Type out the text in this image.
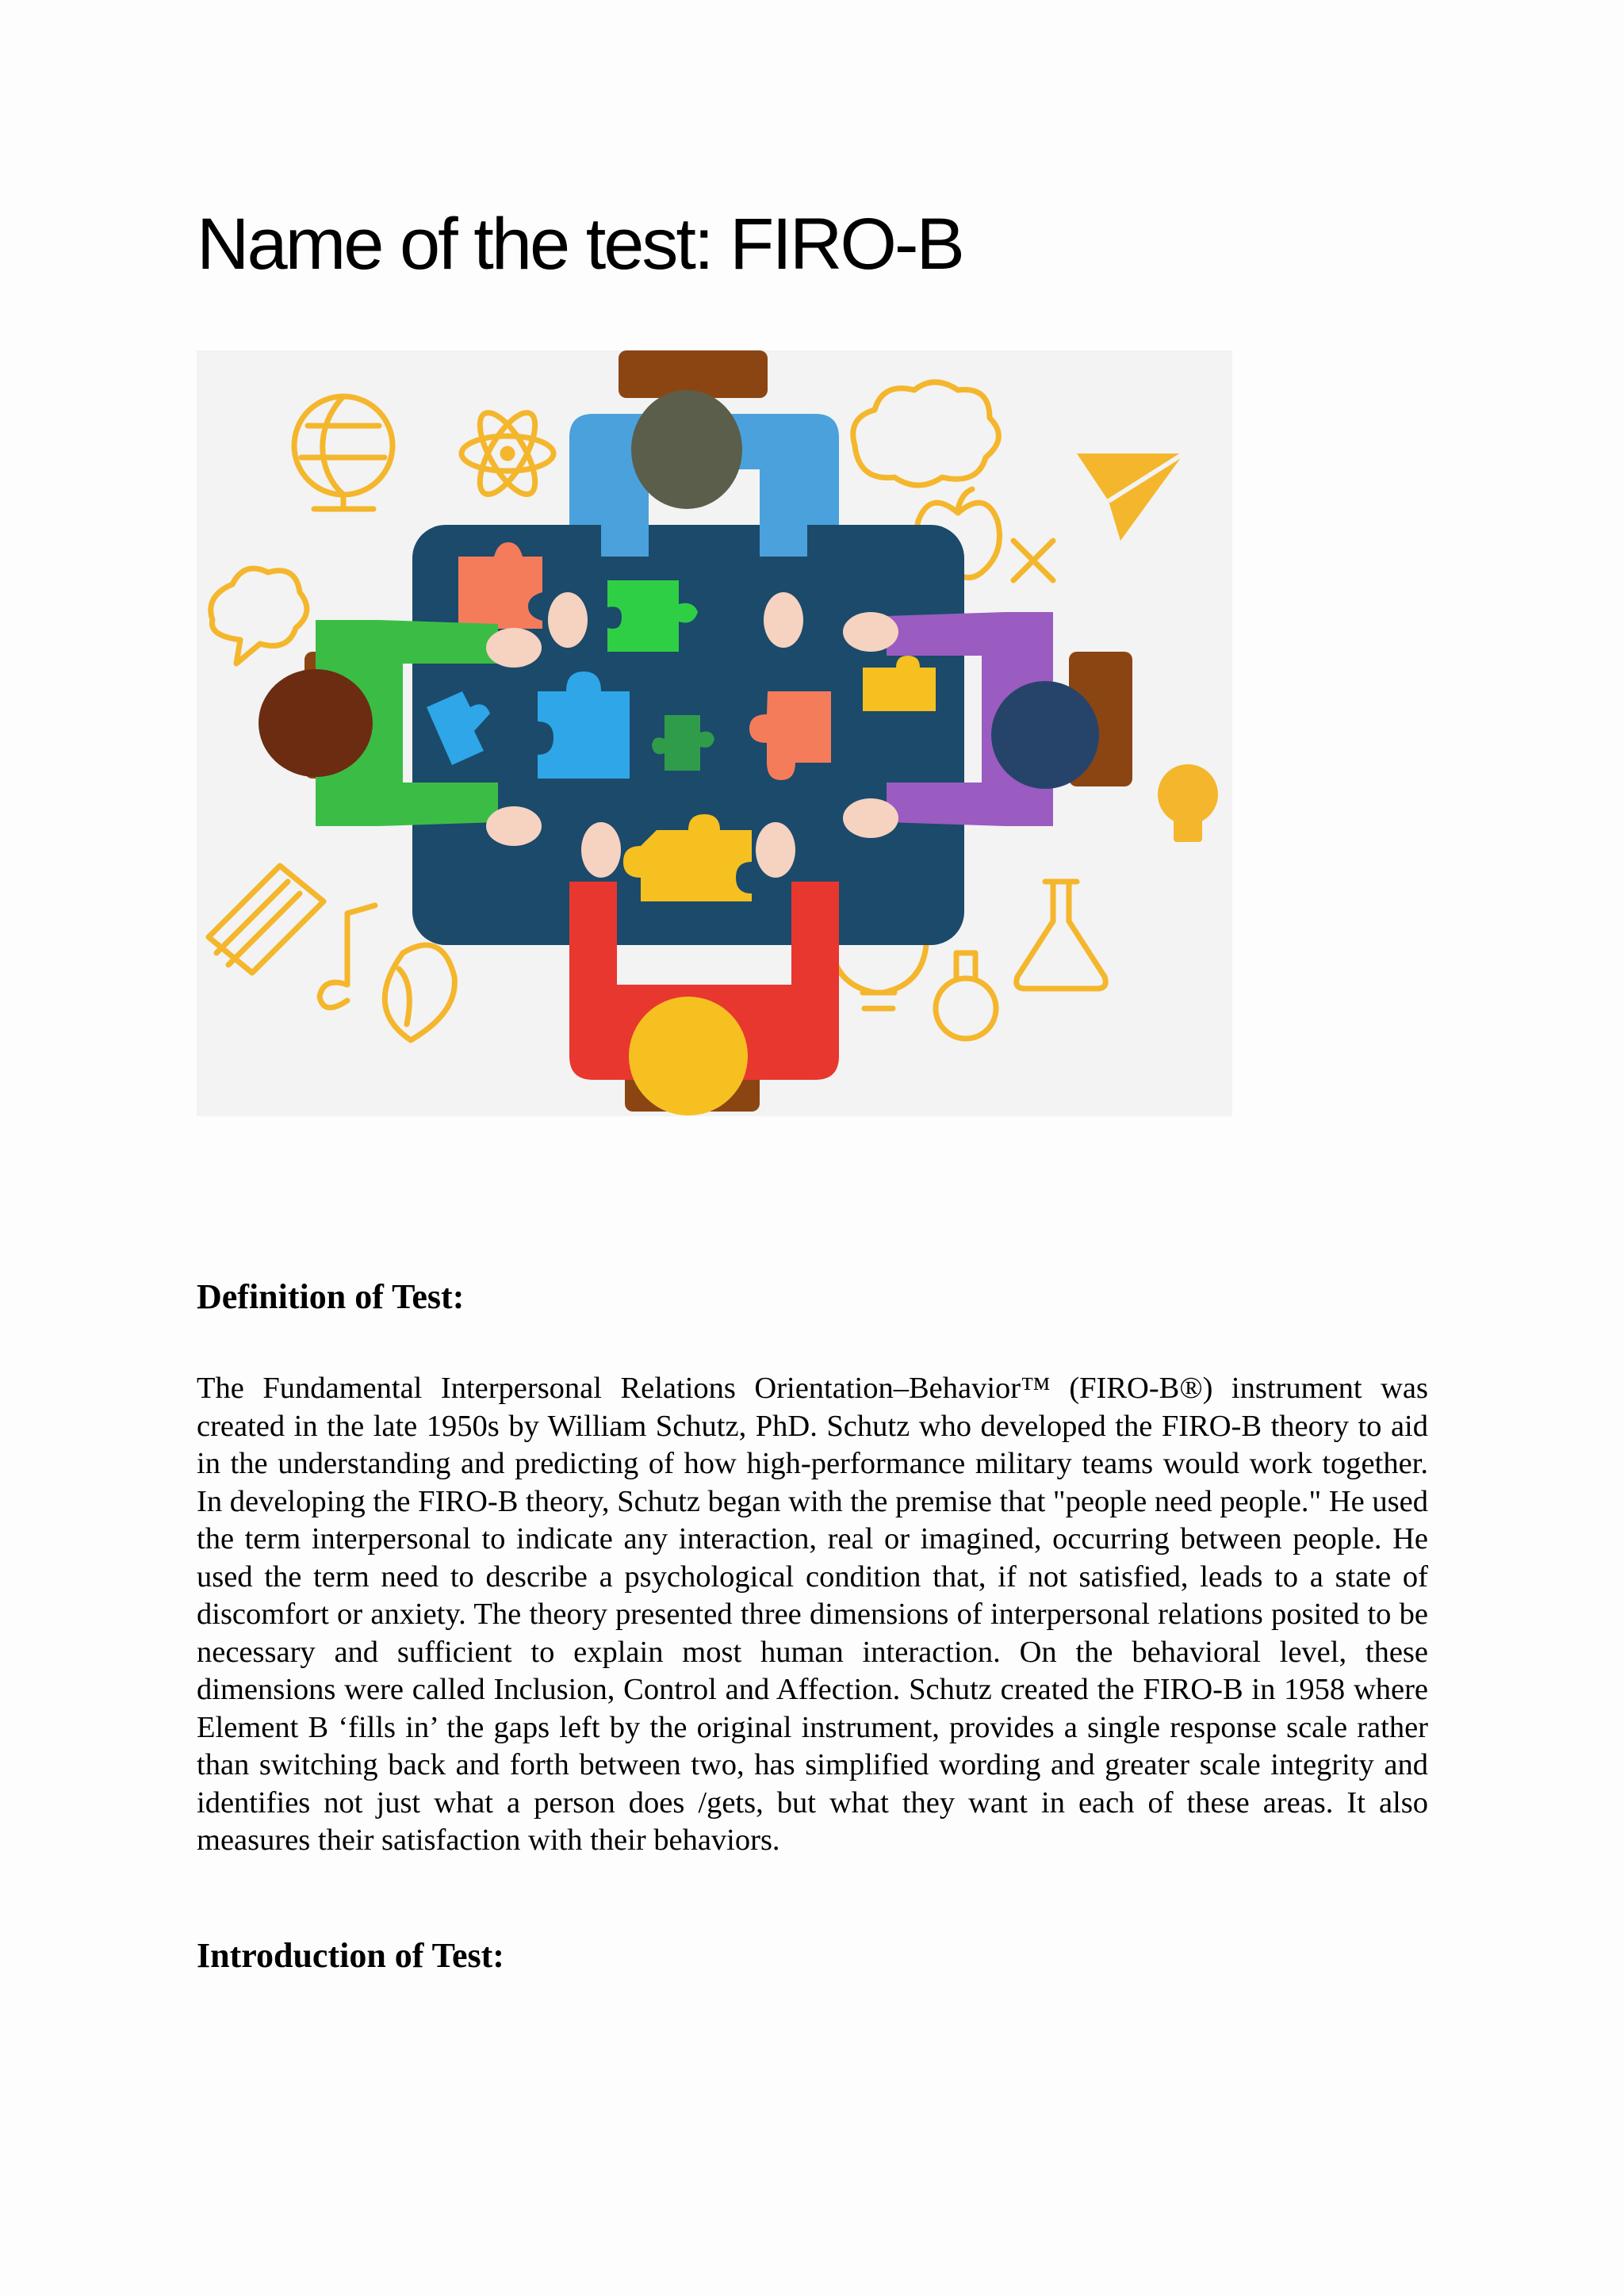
Name of the test: FIRO-B
Definition of Test:

The Fundamental Interpersonal Relations Orientation–Behavior™ (FIRO-B®) instrument was created in the late 1950s by William Schutz, PhD. Schutz who developed the FIRO-B theory to aid in the understanding and predicting of how high-performance military teams would work together. In developing the FIRO-B theory, Schutz began with the premise that "people need people." He used the term interpersonal to indicate any interaction, real or imagined, occurring between people. He used the term need to describe a psychological condition that, if not satisfied, leads to a state of discomfort or anxiety. The theory presented three dimensions of interpersonal relations posited to be necessary and sufficient to explain most human interaction. On the behavioral level, these dimensions were called Inclusion, Control and Affection. Schutz created the FIRO-B in 1958 where Element B ‘fills in’ the gaps left by the original instrument, provides a single response scale rather than switching back and forth between two, has simplified wording and greater scale integrity and identifies not just what a person does /gets, but what they want in each of these areas. It also measures their satisfaction with their behaviors.

Introduction of Test:
